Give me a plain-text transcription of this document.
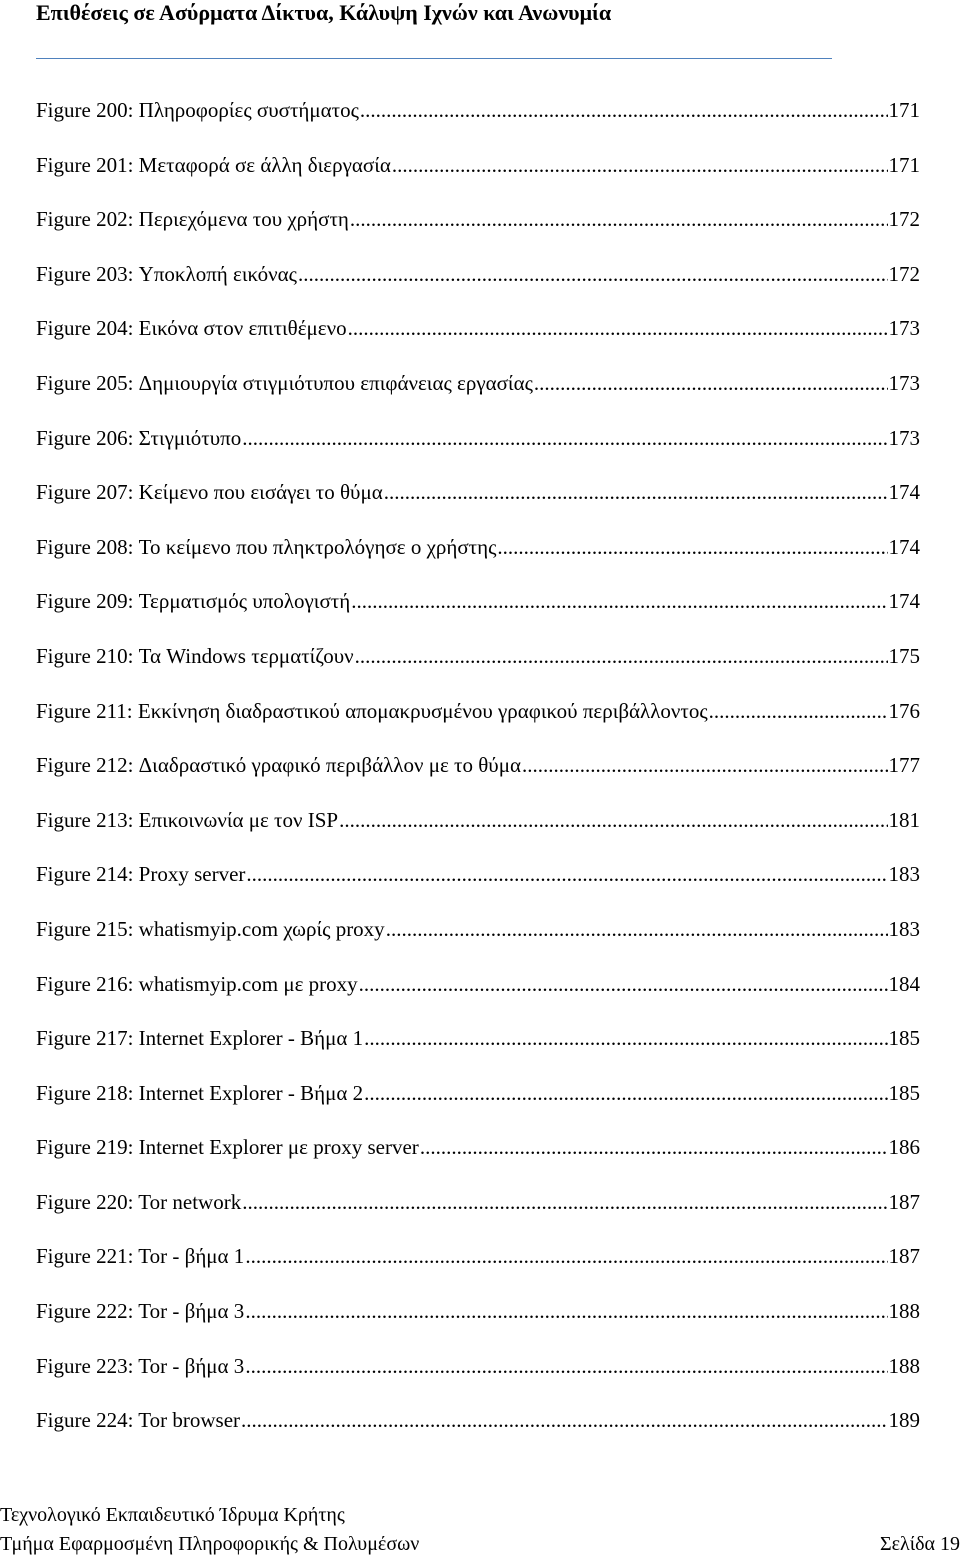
Επιθέσεις σε Ασύρματα Δίκτυα, Κάλυψη Ιχνών και Ανωνυμία
Figure 200: Πληροφορίες συστήματος .....	171
Figure 201: Μεταφορά σε άλλη διεργασία .....	171
Figure 202: Περιεχόμενα του χρήστη .....	172
Figure 203: Υποκλοπή εικόνας .....	172
Figure 204: Εικόνα στον επιτιθέμενο .....	173
Figure 205: Δημιουργία στιγμιότυπου επιφάνειας εργασίας .....	173
Figure 206: Στιγμιότυπο .....	173
Figure 207: Κείμενο που εισάγει το θύμα .....	174
Figure 208: Το κείμενο που πληκτρολόγησε ο χρήστης .....	174
Figure 209: Τερματισμός υπολογιστή .....	174
Figure 210: Τα Windows τερματίζουν .....	175
Figure 211: Εκκίνηση διαδραστικού απομακρυσμένου γραφικού περιβάλλοντος .....	176
Figure 212: Διαδραστικό γραφικό περιβάλλον με το θύμα .....	177
Figure 213: Επικοινωνία με τον ISP .....	181
Figure 214: Proxy server .....	183
Figure 215: whatismyip.com χωρίς proxy .....	183
Figure 216: whatismyip.com με proxy .....	184
Figure 217: Internet Explorer - Βήμα 1 .....	185
Figure 218: Internet Explorer - Βήμα 2 .....	185
Figure 219: Internet Explorer με proxy server .....	186
Figure 220: Tor network .....	187
Figure 221: Tor - βήμα 1 .....	187
Figure 222: Tor - βήμα 3 .....	188
Figure 223: Tor - βήμα 3 .....	188
Figure 224: Tor browser .....	189
Τεχνολογικό Εκπαιδευτικό Ίδρυμα Κρήτης
Τμήμα Εφαρμοσμένη Πληροφορικής & Πολυμέσων	Σελίδα 19
